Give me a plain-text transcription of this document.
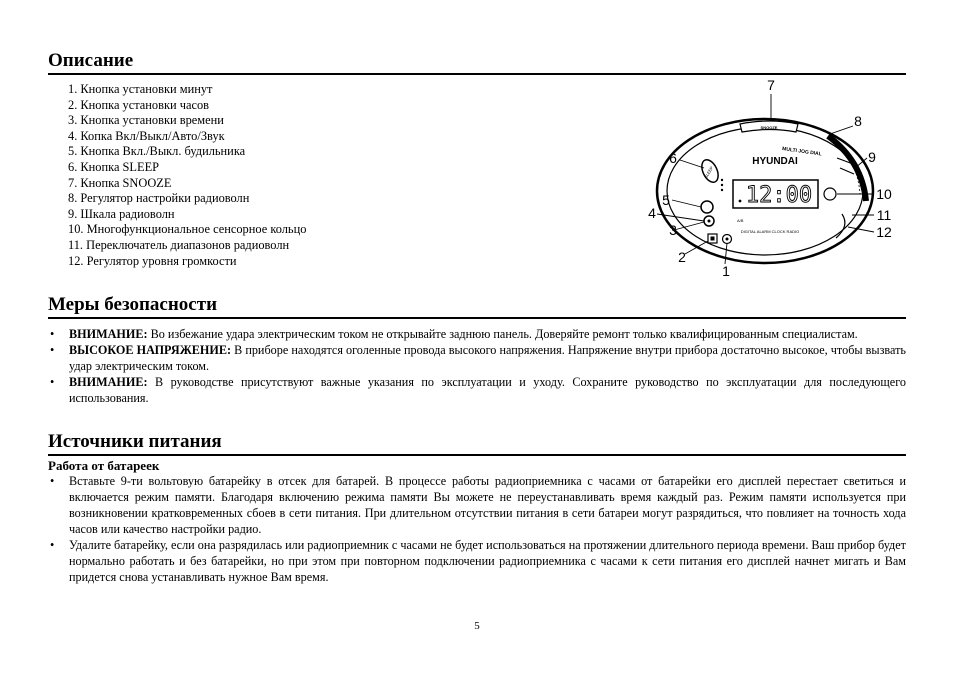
Описание
1. Кнопка установки минут
2. Кнопка установки часов
3. Кнопка установки времени
4. Копка Вкл/Выкл/Авто/Звук
5. Кнопка Вкл./Выкл. будильника
6. Кнопка SLEEP
7. Кнопка SNOOZE
8. Регулятор настройки радиоволн
9. Шкала радиоволн
10. Многофункциональное сенсорное кольцо
11. Переключатель диапазонов радиоволн
12. Регулятор уровня громкости
SNOOZE
MULTI JOG DIAL
HYUNDAI
SLEEP
12:00
A/B
DIGITAL ALARM CLOCK RADIO
7
8
9
10
11
12
6
5
4
3
2
1
Меры безопасности
• ВНИМАНИЕ: Во избежание удара электрическим током не открывайте заднюю панель. Доверяйте ремонт только квалифицированным специалистам.
• ВЫСОКОЕ НАПРЯЖЕНИЕ: В приборе находятся оголенные провода высокого напряжения. Напряжение внутри прибора достаточно высокое, чтобы вызвать удар электрическим током.
• ВНИМАНИЕ: В руководстве присутствуют важные указания по эксплуатации и уходу. Сохраните руководство по эксплуатации для последующего использования.
Источники питания
Работа от батареек
• Вставьте 9-ти вольтовую батарейку в отсек для батарей. В процессе работы радиоприемника с часами от батарейки его дисплей перестает светиться и включается режим памяти. Благодаря включению режима памяти Вы можете не переустанавливать время каждый раз. Режим памяти используется при возникновении кратковременных сбоев в сети питания. При длительном отсутствии питания в сети батареи могут разрядиться, что повлияет на точность хода часов или качество настройки радио.
• Удалите батарейку, если она разрядилась или радиоприемник с часами не будет использоваться на протяжении длительного периода времени. Ваш прибор будет нормально работать и без батарейки, но при этом при повторном подключении радиоприемника с часами к сети питания его дисплей начнет мигать и Вам придется снова устанавливать нужное Вам время.
5
